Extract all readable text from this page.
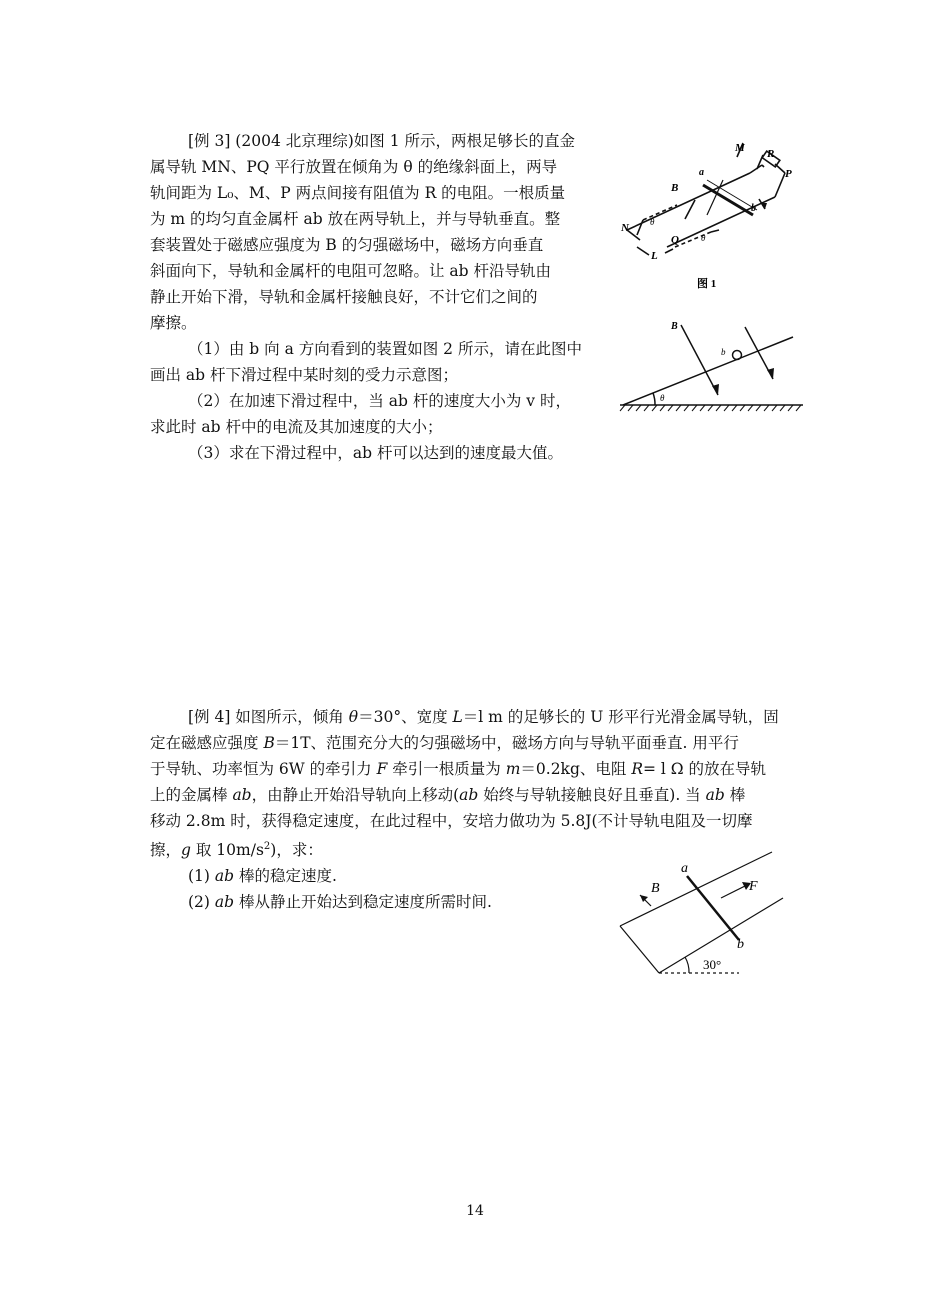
[例 3] (2004 北京理综)如图 1 所示，两根足够长的直金
属导轨 MN、PQ 平行放置在倾角为 θ 的绝缘斜面上，两导
轨间距为 L₀、M、P 两点间接有阻值为 R 的电阻。一根质量
为 m 的均匀直金属杆 ab 放在两导轨上，并与导轨垂直。整
套装置处于磁感应强度为 B 的匀强磁场中，磁场方向垂直
斜面向下，导轨和金属杆的电阻可忽略。让 ab 杆沿导轨由
静止开始下滑，导轨和金属杆接触良好，不计它们之间的
摩擦。
（1）由 b 向 a 方向看到的装置如图 2 所示，请在此图中
画出 ab 杆下滑过程中某时刻的受力示意图；
（2）在加速下滑过程中，当 ab 杆的速度大小为 v 时，
求此时 ab 杆中的电流及其加速度的大小；
（3）求在下滑过程中，ab 杆可以达到的速度最大值。
M R
P
a
B
b
N
L
Q
θ
θ
图 1
B
b
θ
[例 4] 如图所示，倾角 θ＝30°、宽度 L＝l m 的足够长的 U 形平行光滑金属导轨，固
定在磁感应强度 B＝1T、范围充分大的匀强磁场中，磁场方向与导轨平面垂直. 用平行
于导轨、功率恒为 6W 的牵引力 F 牵引一根质量为 m＝0.2kg、电阻 R= l Ω 的放在导轨
上的金属棒 ab，由静止开始沿导轨向上移动(ab 始终与导轨接触良好且垂直). 当 ab 棒
移动 2.8m 时，获得稳定速度，在此过程中，安培力做功为 5.8J(不计导轨电阻及一切摩
擦，g 取 $10m/s^2$)，求：
(1) ab 棒的稳定速度.
(2) ab 棒从静止开始达到稳定速度所需时间.
a
B	F
b
30°
14
